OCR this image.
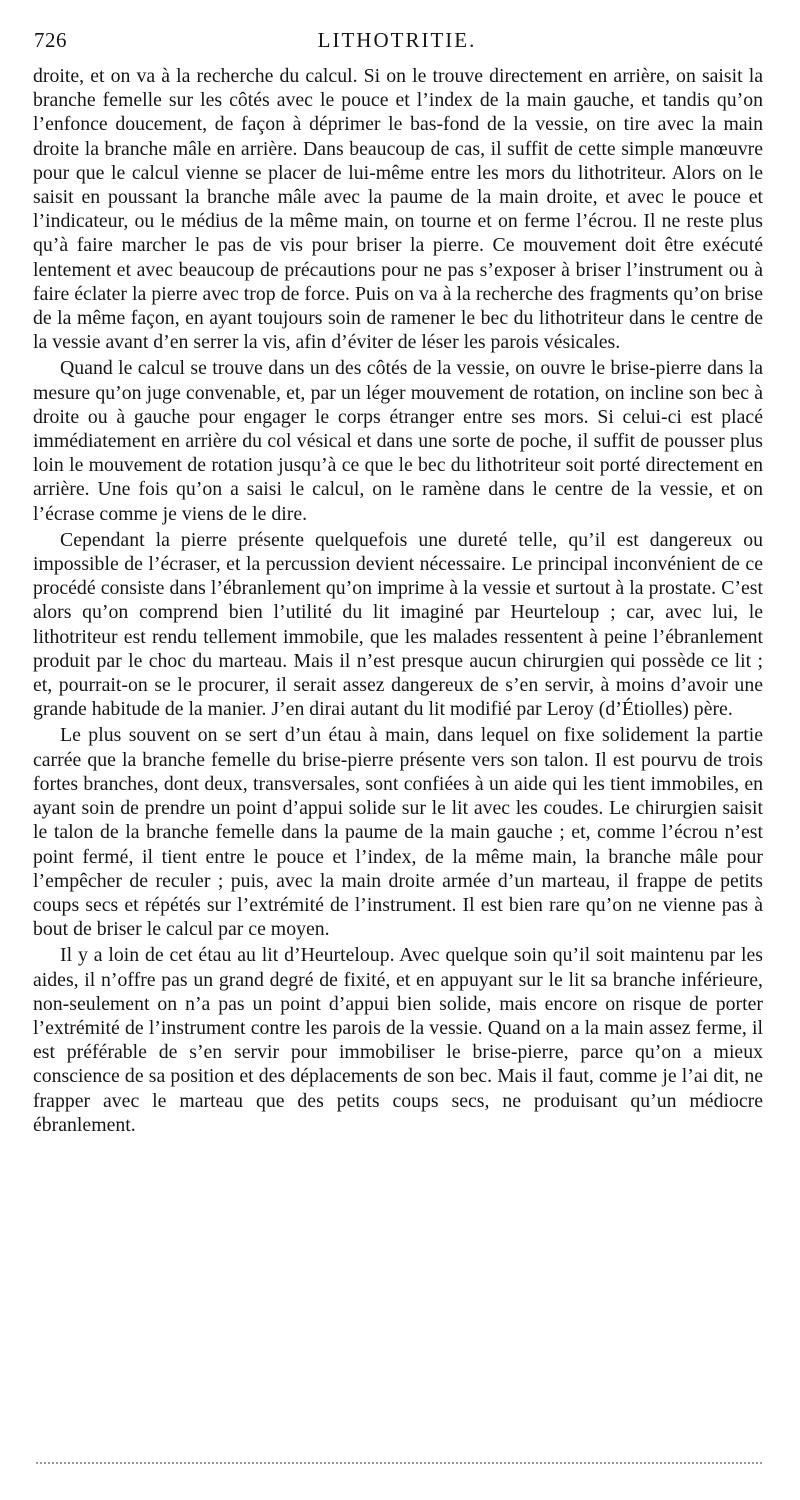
726	LITHOTRITIE.

droite, et on va à la recherche du calcul. Si on le trouve directement en arrière, on saisit la branche femelle sur les côtés avec le pouce et l’index de la main gauche, et tandis qu’on l’enfonce doucement, de façon à déprimer le bas-fond de la vessie, on tire avec la main droite la branche mâle en arrière. Dans beaucoup de cas, il suffit de cette simple manœuvre pour que le calcul vienne se placer de lui-même entre les mors du lithotriteur. Alors on le saisit en poussant la branche mâle avec la paume de la main droite, et avec le pouce et l’indicateur, ou le médius de la même main, on tourne et on ferme l’écrou. Il ne reste plus qu’à faire marcher le pas de vis pour briser la pierre. Ce mouvement doit être exécuté lentement et avec beaucoup de précautions pour ne pas s’exposer à briser l’instrument ou à faire éclater la pierre avec trop de force. Puis on va à la recherche des fragments qu’on brise de la même façon, en ayant toujours soin de ramener le bec du lithotriteur dans le centre de la vessie avant d’en serrer la vis, afin d’éviter de léser les parois vésicales.

Quand le calcul se trouve dans un des côtés de la vessie, on ouvre le brise-pierre dans la mesure qu’on juge convenable, et, par un léger mouvement de rotation, on incline son bec à droite ou à gauche pour engager le corps étranger entre ses mors. Si celui-ci est placé immédiatement en arrière du col vésical et dans une sorte de poche, il suffit de pousser plus loin le mouvement de rotation jusqu’à ce que le bec du lithotriteur soit porté directement en arrière. Une fois qu’on a saisi le calcul, on le ramène dans le centre de la vessie, et on l’écrase comme je viens de le dire.

Cependant la pierre présente quelquefois une dureté telle, qu’il est dangereux ou impossible de l’écraser, et la percussion devient nécessaire. Le principal inconvénient de ce procédé consiste dans l’ébranlement qu’on imprime à la vessie et surtout à la prostate. C’est alors qu’on comprend bien l’utilité du lit imaginé par Heurteloup ; car, avec lui, le lithotriteur est rendu tellement immobile, que les malades ressentent à peine l’ébranlement produit par le choc du marteau. Mais il n’est presque aucun chirurgien qui possède ce lit ; et, pourrait-on se le procurer, il serait assez dangereux de s’en servir, à moins d’avoir une grande habitude de la manier. J’en dirai autant du lit modifié par Leroy (d’Étiolles) père.

Le plus souvent on se sert d’un étau à main, dans lequel on fixe solidement la partie carrée que la branche femelle du brise-pierre présente vers son talon. Il est pourvu de trois fortes branches, dont deux, transversales, sont confiées à un aide qui les tient immobiles, en ayant soin de prendre un point d’appui solide sur le lit avec les coudes. Le chirurgien saisit le talon de la branche femelle dans la paume de la main gauche ; et, comme l’écrou n’est point fermé, il tient entre le pouce et l’index, de la même main, la branche mâle pour l’empêcher de reculer ; puis, avec la main droite armée d’un marteau, il frappe de petits coups secs et répétés sur l’extrémité de l’instrument. Il est bien rare qu’on ne vienne pas à bout de briser le calcul par ce moyen.

Il y a loin de cet étau au lit d’Heurteloup. Avec quelque soin qu’il soit maintenu par les aides, il n’offre pas un grand degré de fixité, et en appuyant sur le lit sa branche inférieure, non-seulement on n’a pas un point d’appui bien solide, mais encore on risque de porter l’extrémité de l’instrument contre les parois de la vessie. Quand on a la main assez ferme, il est préférable de s’en servir pour immobiliser le brise-pierre, parce qu’on a mieux conscience de sa position et des déplacements de son bec. Mais il faut, comme je l’ai dit, ne frapper avec le marteau que des petits coups secs, ne produisant qu’un médiocre ébranlement.
